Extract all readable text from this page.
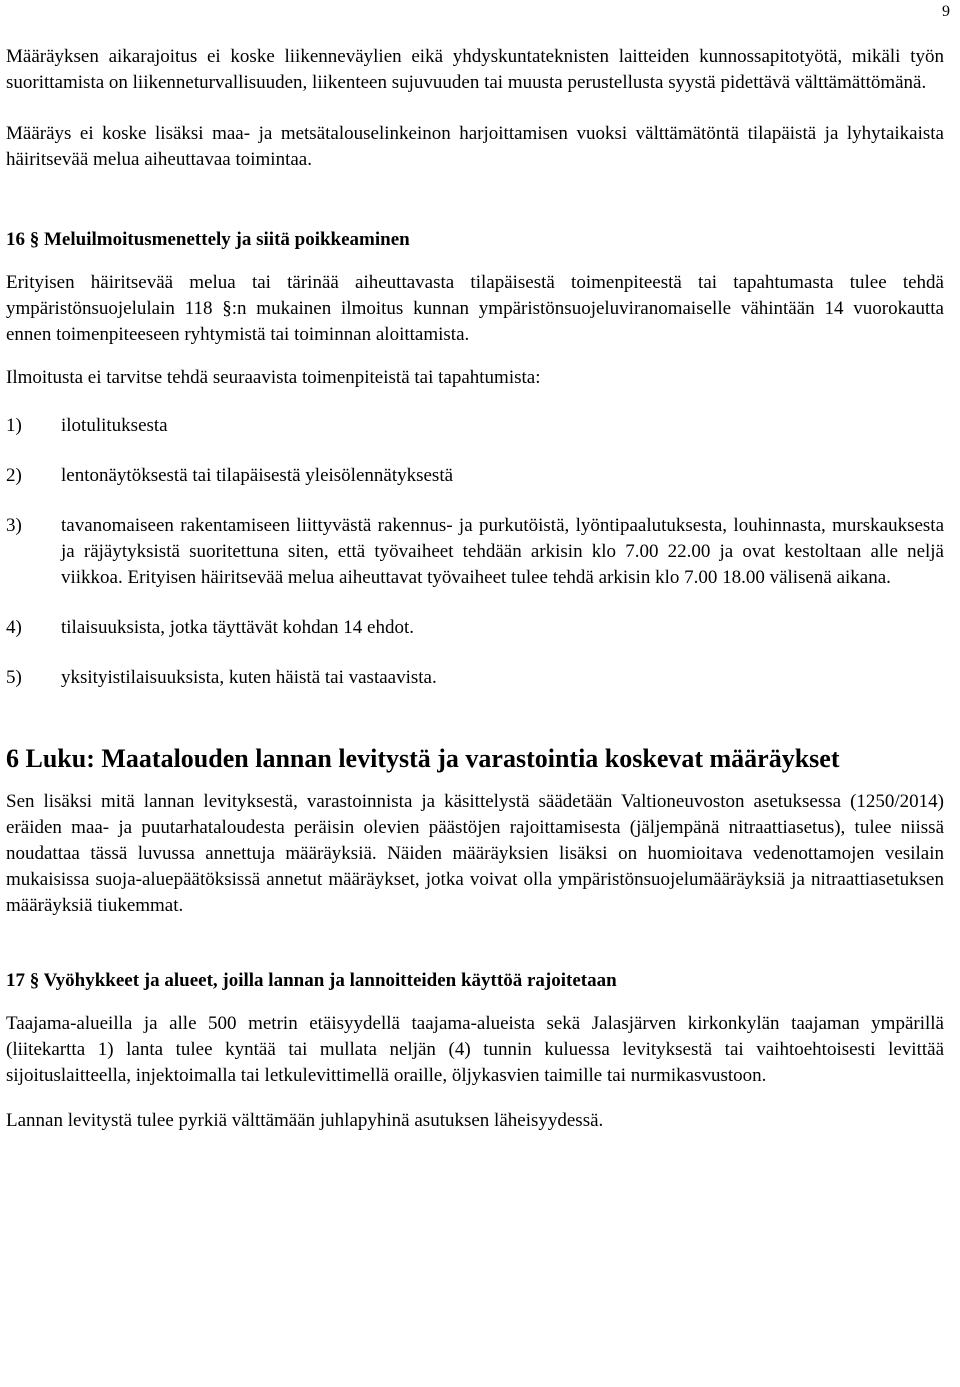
9

Määräyksen aikarajoitus ei koske liikenneväylien eikä yhdyskuntateknisten laitteiden kunnossapitotyötä, mikäli työn suorittamista on liikenneturvallisuuden, liikenteen sujuvuuden tai muusta perustellusta syystä pidettävä välttämättömänä.

Määräys ei koske lisäksi maa- ja metsätalouselinkeinon harjoittamisen vuoksi välttämätöntä tilapäistä ja lyhytaikaista häiritsevää melua aiheuttavaa toimintaa.

16 § Meluilmoitusmenettely ja siitä poikkeaminen

Erityisen häiritsevää melua tai tärinää aiheuttavasta tilapäisestä toimenpiteestä tai tapahtumasta tulee tehdä ympäristönsuojelulain 118 §:n mukainen ilmoitus kunnan ympäristönsuojeluviranomaiselle vähintään 14 vuorokautta ennen toimenpiteeseen ryhtymistä tai toiminnan aloittamista.

Ilmoitusta ei tarvitse tehdä seuraavista toimenpiteistä tai tapahtumista:

1)	ilotulituksesta
2)	lentonäytöksestä tai tilapäisestä yleisölennätyksestä
3)	tavanomaiseen rakentamiseen liittyvästä rakennus- ja purkutöistä, lyöntipaalutuksesta, louhinnasta, murskauksesta ja räjäytyksistä suoritettuna siten, että työvaiheet tehdään arkisin klo 7.00 22.00 ja ovat kestoltaan alle neljä viikkoa. Erityisen häiritsevää melua aiheuttavat työvaiheet tulee tehdä arkisin klo 7.00 18.00 välisenä aikana.
4)	tilaisuuksista, jotka täyttävät kohdan 14 ehdot.
5)	yksityistilaisuuksista, kuten häistä tai vastaavista.

6 Luku: Maatalouden lannan levitystä ja varastointia koskevat määräykset

Sen lisäksi mitä lannan levityksestä, varastoinnista ja käsittelystä säädetään Valtioneuvoston asetuksessa (1250/2014) eräiden maa- ja puutarhataloudesta peräisin olevien päästöjen rajoittamisesta (jäljempänä nitraattiasetus), tulee niissä noudattaa tässä luvussa annettuja määräyksiä. Näiden määräyksien lisäksi on huomioitava vedenottamojen vesilain mukaisissa suoja-aluepäätöksissä annetut määräykset, jotka voivat olla ympäristönsuojelumääräyksiä ja nitraattiasetuksen määräyksiä tiukemmat.

17 § Vyöhykkeet ja alueet, joilla lannan ja lannoitteiden käyttöä rajoitetaan

Taajama-alueilla ja alle 500 metrin etäisyydellä taajama-alueista sekä Jalasjärven kirkonkylän taajaman ympärillä (liitekartta 1) lanta tulee kyntää tai mullata neljän (4) tunnin kuluessa levityksestä tai vaihtoehtoisesti levittää sijoituslaitteella, injektoimalla tai letkulevittimellä oraille, öljykasvien taimille tai nurmikasvustoon.

Lannan levitystä tulee pyrkiä välttämään juhlapyhinä asutuksen läheisyydessä.
